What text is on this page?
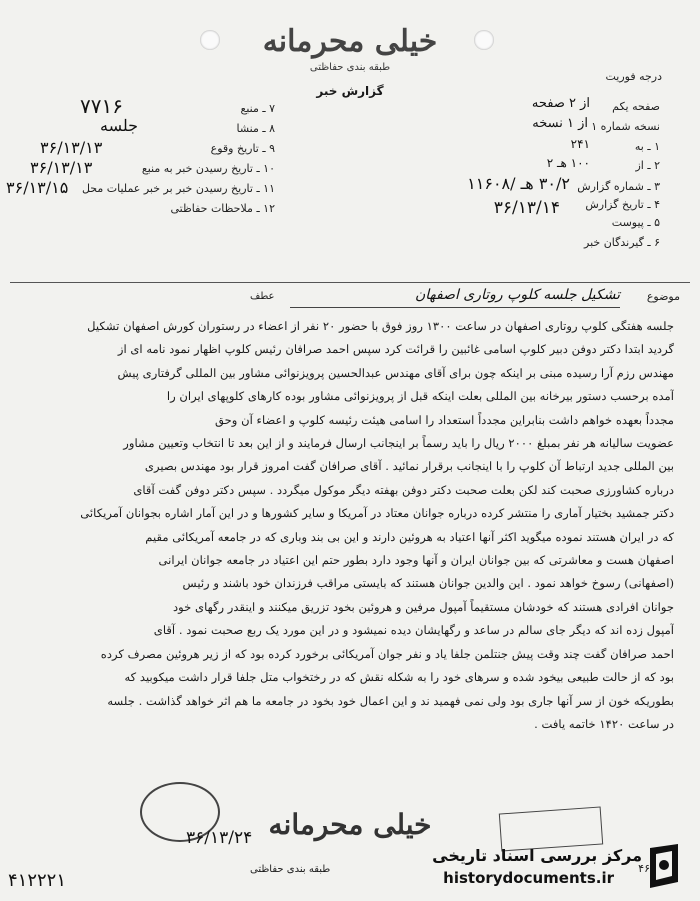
خیلی محرمانه
طبقه بندی حفاظتی
گزارش خبر
درجه فوریت
صفحه یکم
از ۲ صفحه
نسخه شماره ۱
از ۱ نسخه
۱ ـ به
۲۴۱
۲ ـ از
۱۰۰ هـ ۲
۳ ـ شماره گزارش
۳۰/۲ هـ /۱۱۶۰۸
۴ ـ تاریخ گزارش
۳۶/۱۳/۱۴
۵ ـ پیوست
۶ ـ گیرندگان خبر
۷ ـ منبع
۷۷۱۶
۸ ـ منشا
جلسه
۹ ـ تاریخ وقوع
۳۶/۱۳/۱۳
۱۰ ـ تاریخ رسیدن خبر به منبع
۳۶/۱۳/۱۳
۱۱ ـ تاریخ رسیدن خبر بر خبر عملیات محل
۳۶/۱۳/۱۵
۱۲ ـ ملاحظات حفاظتی
موضوع
تشکیل جلسه کلوپ روتاری اصفهان
عطف
جلسه هفتگی کلوپ روتاری اصفهان در ساعت ۱۳۰۰ روز فوق با حضور ۲۰ نفر از اعضاء در رستوران کورش اصفهان تشکیل
گردید ابتدا دکتر دوفن دبیر کلوپ اسامی غائبین را قرائت کرد سپس احمد صرافان رئیس کلوپ اظهار نمود نامه ای از
مهندس رزم آرا رسیده مبنی بر اینکه چون برای آقای مهندس عبدالحسین پرویزنوائی مشاور بین المللی گرفتاری پیش
آمده برحسب دستور بیرخانه بین المللی بعلت اینکه قبل از پرویزنوائی مشاور بوده کارهای کلوپهای ایران را
مجدداً بعهده خواهم داشت بنابراین مجدداً استعداد را اسامی هیئت رئیسه کلوپ و اعضاء آن وحق
عضویت سالیانه هر نفر بمبلغ ۲۰۰۰ ریال را باید رسماً بر اینجانب ارسال فرمایند و از این بعد تا انتخاب وتعیین مشاور
بین المللی جدید ارتباط آن کلوپ را با اینجانب برقرار نمائید . آقای صرافان گفت امروز قرار بود مهندس بصیری
درباره کشاورزی صحبت کند لکن بعلت صحبت دکتر دوفن بهفته دیگر موکول میگردد . سپس دکتر دوفن گفت آقای
دکتر جمشید بختیار آماری را منتشر کرده درباره جوانان معتاد در آمریکا و سایر کشورها و در این آمار اشاره بجوانان آمریکائی
که در ایران هستند نموده میگوید اکثر آنها اعتیاد به هروئین دارند و این بی بند وباری که در جامعه آمریکائی مقیم
اصفهان هست و معاشرتی که بین جوانان ایران و آنها وجود دارد بطور حتم این اعتیاد در جامعه جوانان ایرانی
(اصفهانی) رسوخ خواهد نمود . این والدین جوانان هستند که بایستی مراقب فرزندان خود باشند و رئیس
جوانان افرادی هستند که خودشان مستقیماً آمپول مرفین و هروئین بخود تزریق میکنند و اینقدر رگهای خود
آمپول زده اند که دیگر جای سالم در ساعد و رگهایشان دیده نمیشود و در این مورد یک ربع صحبت نمود . آقای
احمد صرافان گفت چند وقت پیش جنتلمن جلفا یاد و نفر جوان آمریکائی برخورد کرده بود که از زیر هروئین مصرف کرده
بود که از حالت طبیعی بیخود شده و سرهای خود را به شکله نقش که در رختخواب متل جلفا قرار داشت میکوبید که
بطوریکه خون از سر آنها جاری بود ولی نمی فهمید ند و این اعمال خود بخود در جامعه ما هم اثر خواهد گذاشت . جلسه
در ساعت ۱۴۲۰ خاتمه یافت .
۳۶/۱۳/۲۴ خیلی محرمانه
طبقه بندی حفاظتی
۴۱۲۲۲۱
۴۶
مرکز بررسی اسناد تاریخی
historydocuments.ir
